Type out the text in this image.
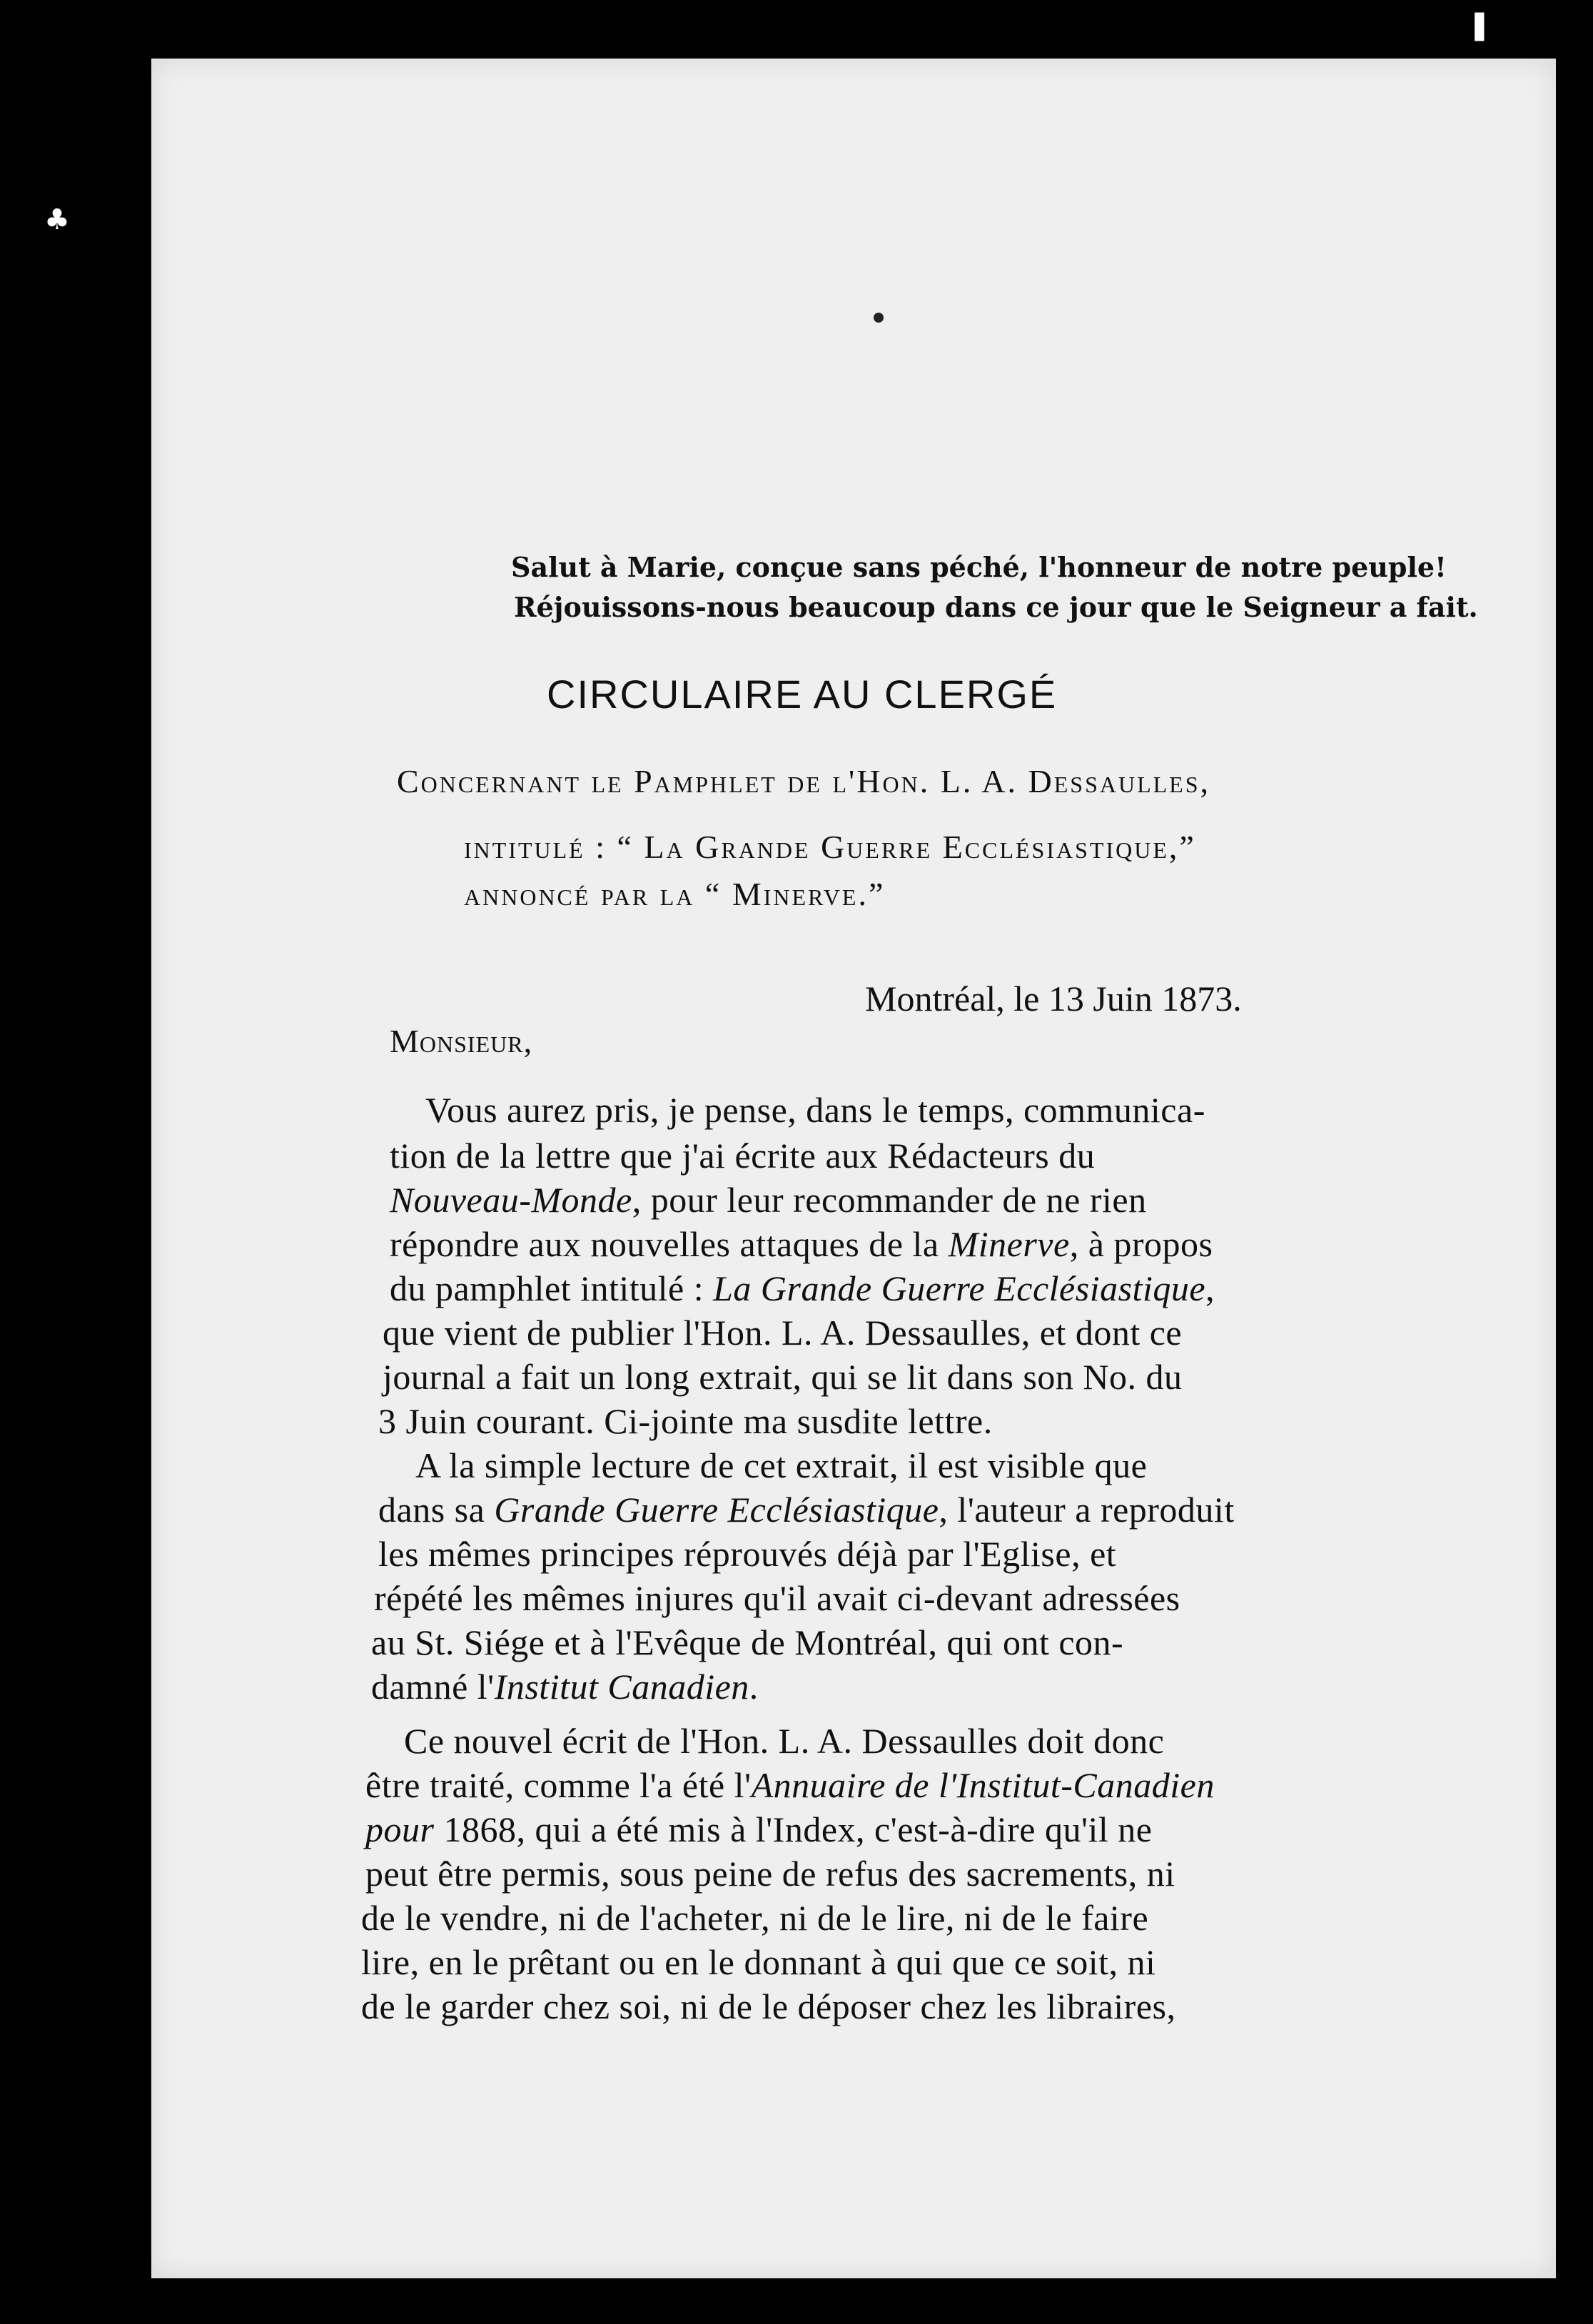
♣
❚
Salut à Marie, conçue sans péché, l'honneur de notre peuple!
Réjouissons-nous beaucoup dans ce jour que le Seigneur a fait.
CIRCULAIRE AU CLERGÉ
Concernant le Pamphlet de l'Hon. L. A. Dessaulles,
intitulé : “ La Grande Guerre Ecclésiastique,”
annoncé par la “ Minerve.”
Montréal, le 13 Juin 1873.
Monsieur,
Vous aurez pris, je pense, dans le temps, communica-
tion de la lettre que j'ai écrite aux Rédacteurs du
Nouveau-Monde, pour leur recommander de ne rien
répondre aux nouvelles attaques de la Minerve, à propos
du pamphlet intitulé : La Grande Guerre Ecclésiastique,
que vient de publier l'Hon. L. A. Dessaulles, et dont ce
journal a fait un long extrait, qui se lit dans son No. du
3 Juin courant. Ci-jointe ma susdite lettre.
A la simple lecture de cet extrait, il est visible que
dans sa Grande Guerre Ecclésiastique, l'auteur a reproduit
les mêmes principes réprouvés déjà par l'Eglise, et
répété les mêmes injures qu'il avait ci-devant adressées
au St. Siége et à l'Evêque de Montréal, qui ont con-
damné l'Institut Canadien.
Ce nouvel écrit de l'Hon. L. A. Dessaulles doit donc
être traité, comme l'a été l'Annuaire de l'Institut-Canadien
pour 1868, qui a été mis à l'Index, c'est-à-dire qu'il ne
peut être permis, sous peine de refus des sacrements, ni
de le vendre, ni de l'acheter, ni de le lire, ni de le faire
lire, en le prêtant ou en le donnant à qui que ce soit, ni
de le garder chez soi, ni de le déposer chez les libraires,
